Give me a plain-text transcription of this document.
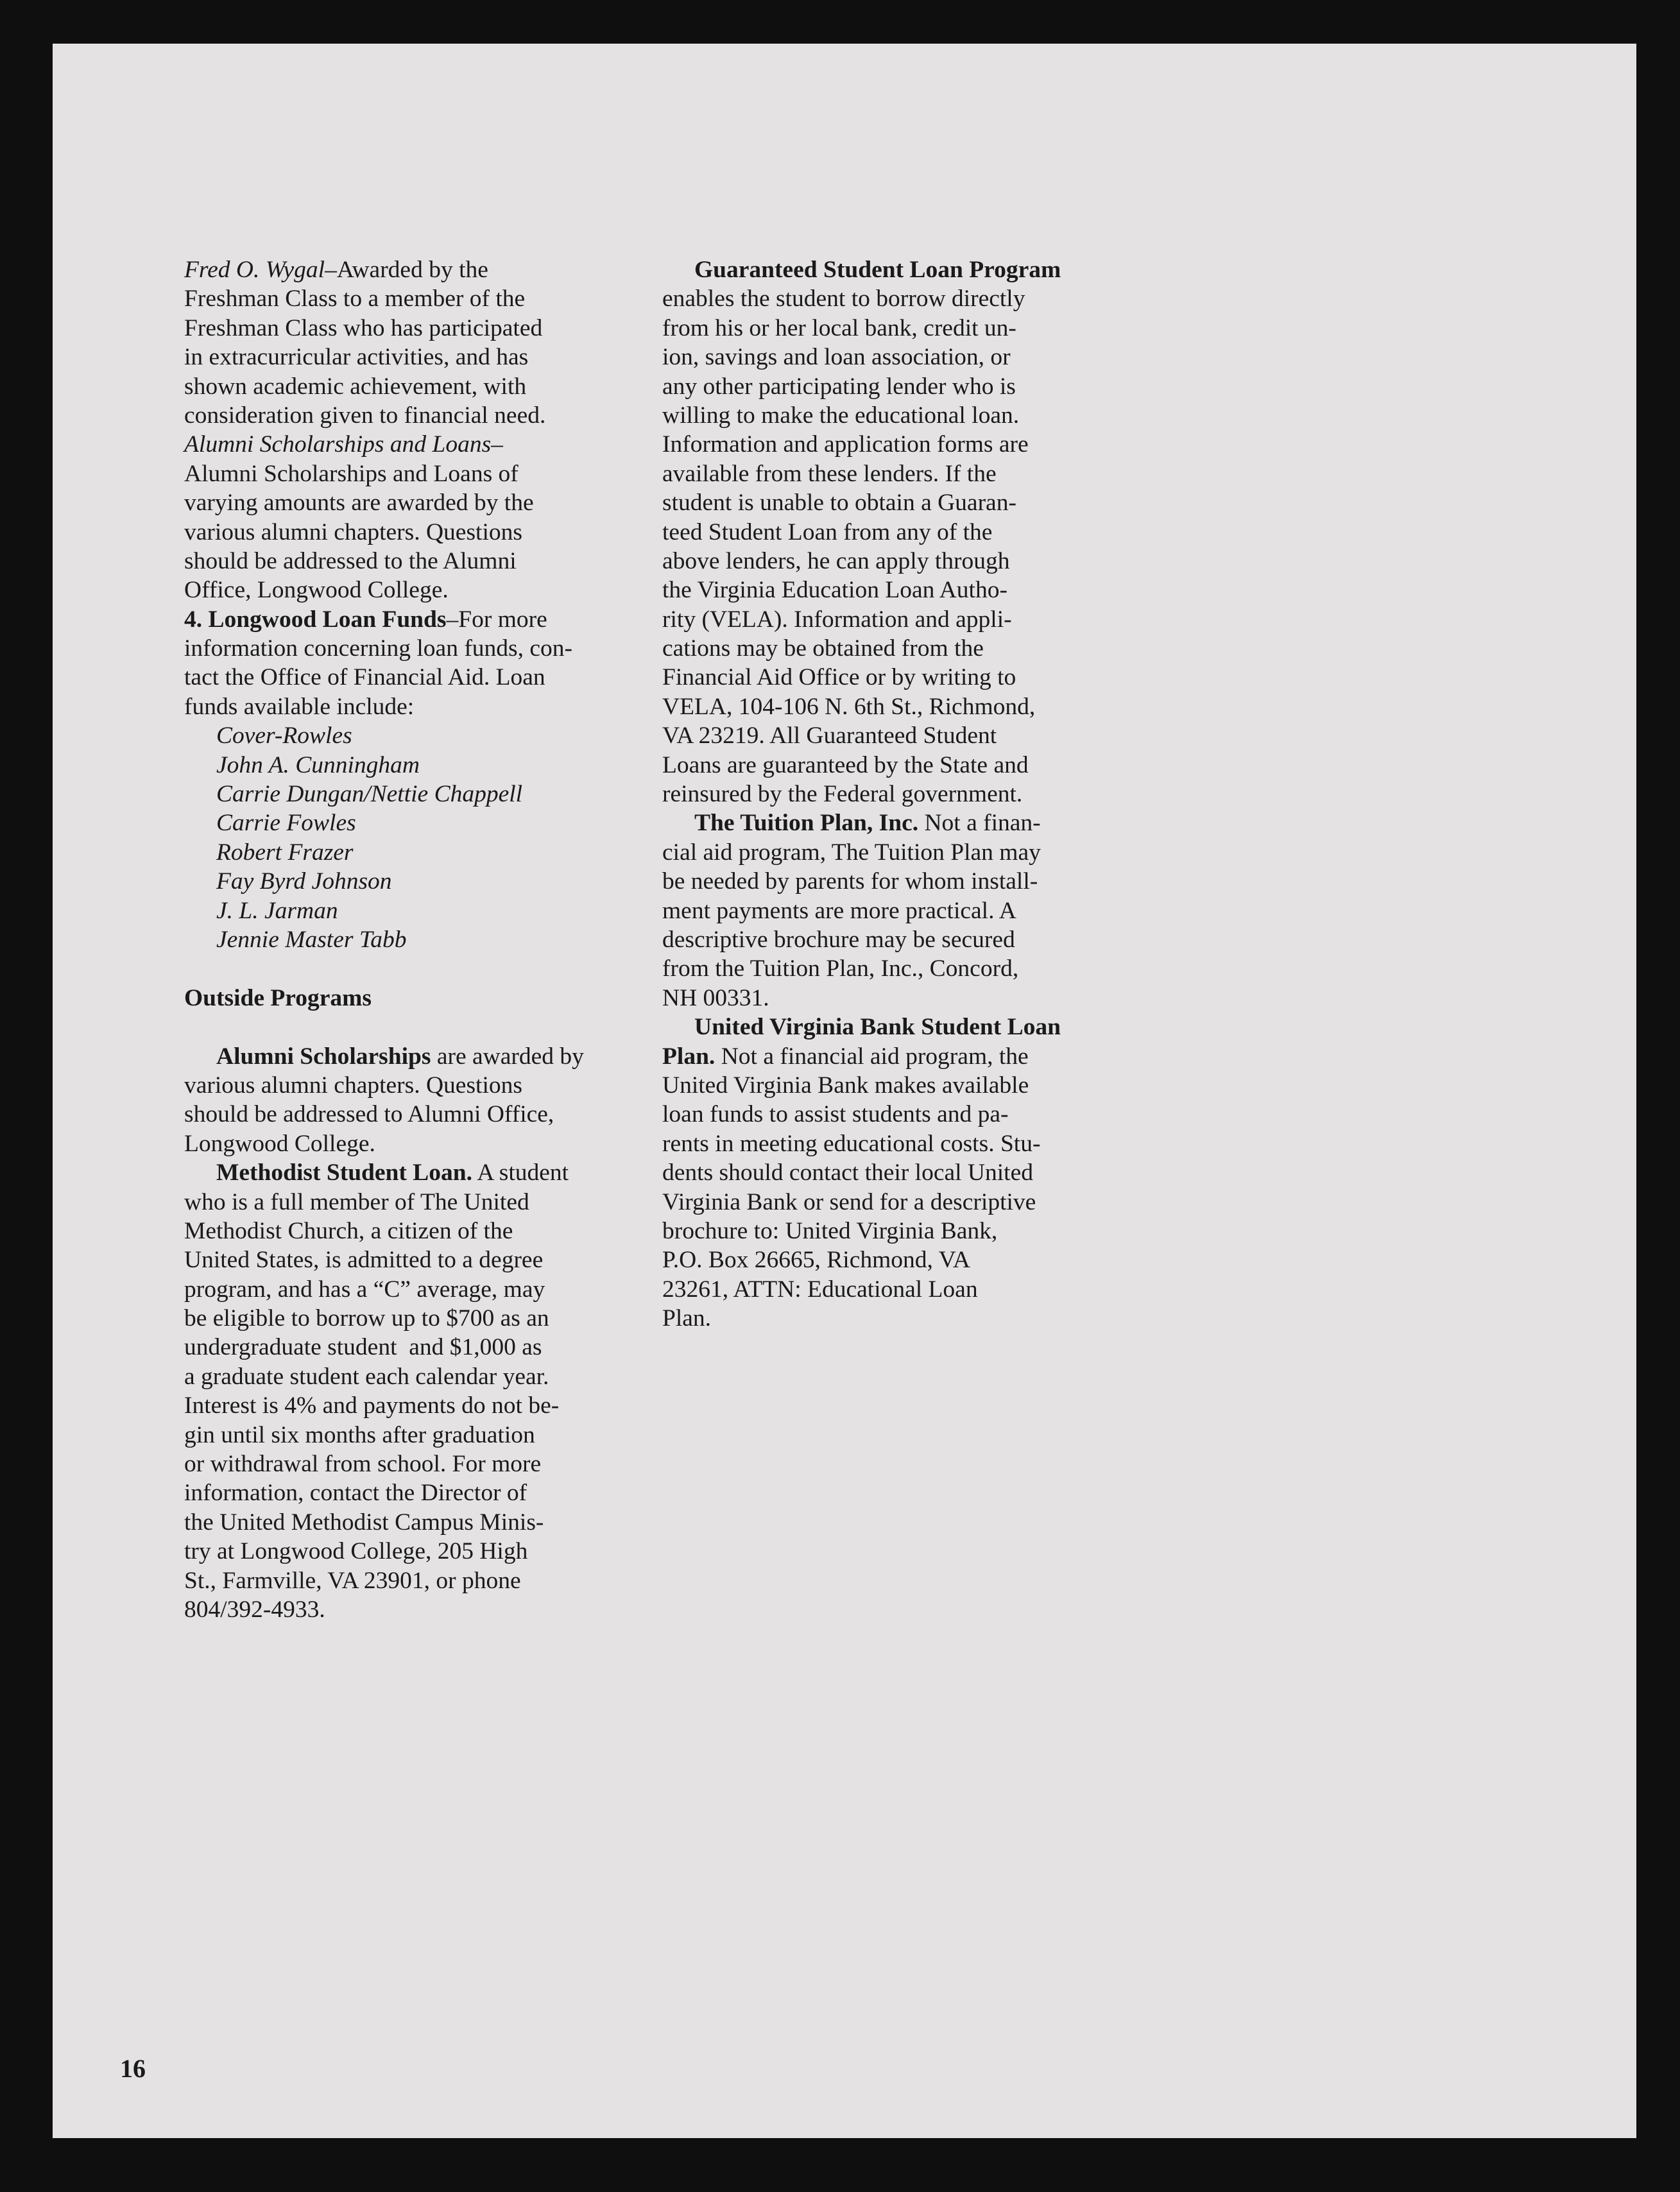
Fred O. Wygal–Awarded by the
Freshman Class to a member of the
Freshman Class who has participated
in extracurricular activities, and has
shown academic achievement, with
consideration given to financial need.
Alumni Scholarships and Loans–
Alumni Scholarships and Loans of
varying amounts are awarded by the
various alumni chapters. Questions
should be addressed to the Alumni
Office, Longwood College.
4. Longwood Loan Funds–For more
information concerning loan funds, con-
tact the Office of Financial Aid. Loan
funds available include:
Cover-Rowles
John A. Cunningham
Carrie Dungan/Nettie Chappell
Carrie Fowles
Robert Frazer
Fay Byrd Johnson
J. L. Jarman
Jennie Master Tabb
Outside Programs
Alumni Scholarships are awarded by
various alumni chapters. Questions
should be addressed to Alumni Office,
Longwood College.
Methodist Student Loan. A student
who is a full member of The United
Methodist Church, a citizen of the
United States, is admitted to a degree
program, and has a “C” average, may
be eligible to borrow up to $700 as an
undergraduate student  and $1,000 as
a graduate student each calendar year.
Interest is 4% and payments do not be-
gin until six months after graduation
or withdrawal from school. For more
information, contact the Director of
the United Methodist Campus Minis-
try at Longwood College, 205 High
St., Farmville, VA 23901, or phone
804/392-4933.
Guaranteed Student Loan Program
enables the student to borrow directly
from his or her local bank, credit un-
ion, savings and loan association, or
any other participating lender who is
willing to make the educational loan.
Information and application forms are
available from these lenders. If the
student is unable to obtain a Guaran-
teed Student Loan from any of the
above lenders, he can apply through
the Virginia Education Loan Autho-
rity (VELA). Information and appli-
cations may be obtained from the
Financial Aid Office or by writing to
VELA, 104-106 N. 6th St., Richmond,
VA 23219. All Guaranteed Student
Loans are guaranteed by the State and
reinsured by the Federal government.
The Tuition Plan, Inc. Not a finan-
cial aid program, The Tuition Plan may
be needed by parents for whom install-
ment payments are more practical. A
descriptive brochure may be secured
from the Tuition Plan, Inc., Concord,
NH 00331.
United Virginia Bank Student Loan
Plan. Not a financial aid program, the
United Virginia Bank makes available
loan funds to assist students and pa-
rents in meeting educational costs. Stu-
dents should contact their local United
Virginia Bank or send for a descriptive
brochure to: United Virginia Bank,
P.O. Box 26665, Richmond, VA
23261, ATTN: Educational Loan
Plan.
16
